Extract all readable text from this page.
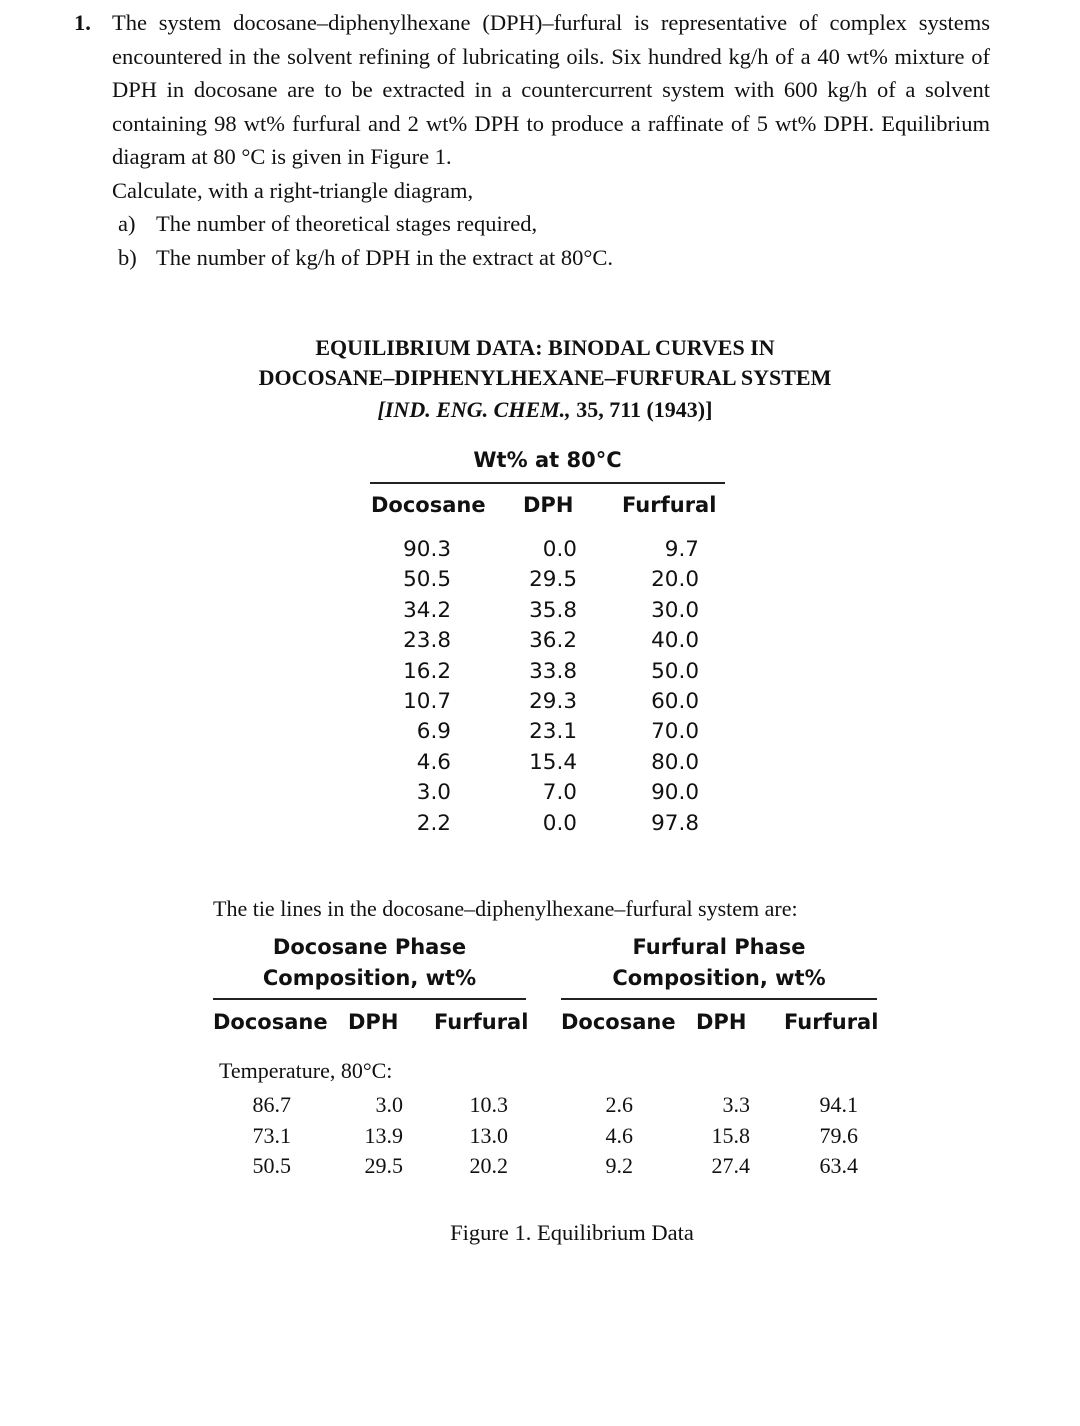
1. The system docosane–diphenylhexane (DPH)–furfural is representative of complex systems encountered in the solvent refining of lubricating oils. Six hundred kg/h of a 40 wt% mixture of DPH in docosane are to be extracted in a countercurrent system with 600 kg/h of a solvent containing 98 wt% furfural and 2 wt% DPH to produce a raffinate of 5 wt% DPH. Equilibrium diagram at 80 °C is given in Figure 1.
Calculate, with a right-triangle diagram,
a) The number of theoretical stages required,
b) The number of kg/h of DPH in the extract at 80°C.
EQUILIBRIUM DATA: BINODAL CURVES IN
DOCOSANE–DIPHENYLHEXANE–FURFURAL SYSTEM
[IND. ENG. CHEM., 35, 711 (1943)]
Wt% at 80°C
Docosane DPH Furfural
90.3
50.5
34.2
23.8
16.2
10.7
6.9
4.6
3.0
2.2
0.0
29.5
35.8
36.2
33.8
29.3
23.1
15.4
7.0
0.0
9.7
20.0
30.0
40.0
50.0
60.0
70.0
80.0
90.0
97.8
The tie lines in the docosane–diphenylhexane–furfural system are:
Docosane Phase
Composition, wt%
Furfural Phase
Composition, wt%
Docosane DPH Furfural Docosane DPH Furfural
Temperature, 80°C:
86.7
73.1
50.5
3.0
13.9
29.5
10.3
13.0
20.2
2.6
4.6
9.2
3.3
15.8
27.4
94.1
79.6
63.4
Figure 1. Equilibrium Data
